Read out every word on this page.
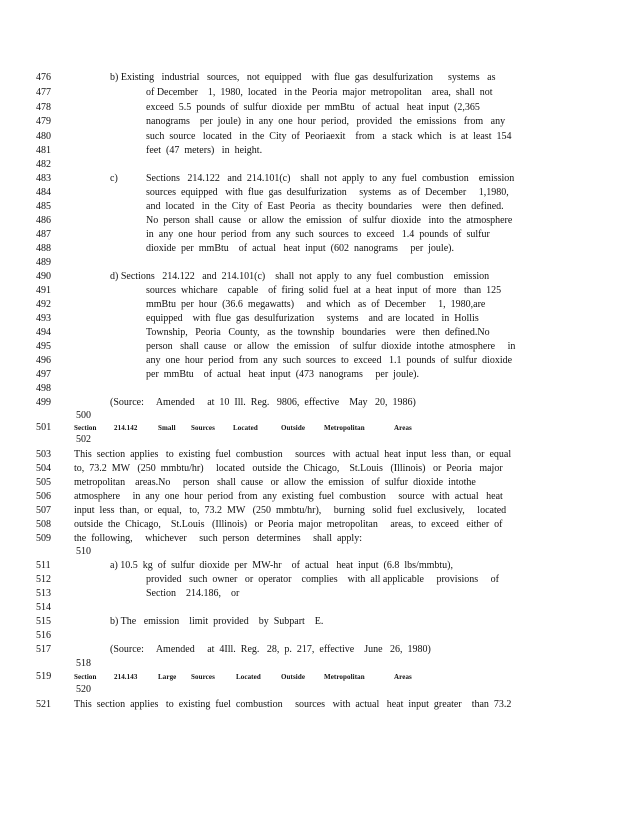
476	b) Existing   industrial   sources,   not  equipped    with  flue  gas  desulfurization      systems   as
477	of December    1,  1980,  located   in the  Peoria  major  metropolitan    area,  shall  not
478	exceed  5.5  pounds  of  sulfur  dioxide  per  mmBtu   of  actual   heat  input  (2,365
479	nanograms    per  joule)  in  any  one  hour  period,   provided   the  emissions   from   any
480	such  source   located   in  the  City  of  Peoriaexit    from   a  stack  which   is  at  least  154
481	feet  (47  meters)   in  height.
482
483	c)	Sections   214.122   and  214.101(c)    shall  not  apply  to  any  fuel  combustion    emission
484	sources  equipped   with  flue  gas  desulfurization     systems   as  of  December     1,1980,
485	and  located   in  the  City  of  East  Peoria   as  thecity  boundaries    were   then  defined.
486	No  person  shall  cause   or  allow  the  emission   of  sulfur  dioxide   into  the  atmosphere
487	in  any  one  hour  period  from  any  such  sources  to  exceed   1.4  pounds  of  sulfur
488	dioxide  per  mmBtu    of  actual   heat  input  (602  nanograms     per  joule).
489
490	d) Sections   214.122   and  214.101(c)    shall  not  apply  to  any  fuel  combustion    emission
491	sources  whichare    capable    of  firing  solid  fuel  at  a  heat  input  of  more   than  125
492	mmBtu  per  hour  (36.6  megawatts)     and  which   as  of  December     1,  1980,are
493	equipped    with  flue  gas  desulfurization     systems    and  are  located   in  Hollis
494	Township,   Peoria   County,   as  the  township   boundaries    were   then  defined.No
495	person   shall  cause   or  allow   the  emission    of  sulfur  dioxide  intothe  atmosphere     in
496	any  one  hour  period  from  any  such  sources  to  exceed   1.1  pounds  of  sulfur  dioxide
497	per  mmBtu    of  actual   heat  input  (473  nanograms     per  joule).
498
499	(Source:     Amended     at  10  Ill.  Reg.   9806,  effective    May   20,  1986)
500

501

	Section

	214.142

	Small

Sources

	Located

	Outside

	Metropolitan

	Areas

502
503	This  section  applies   to  existing  fuel  combustion     sources   with  actual  heat  input  less  than,  or  equal
504	to,  73.2  MW   (250  mmbtu/hr)     located   outside  the  Chicago,    St.Louis   (Illinois)   or  Peoria   major
505	metropolitan    areas.No     person   shall  cause   or  allow  the  emission   of  sulfur  dioxide  intothe
506	atmosphere     in  any  one  hour  period  from  any  existing  fuel  combustion     source   with  actual   heat
507	input  less  than,  or  equal,   to,  73.2  MW   (250  mmbtu/hr),     burning   solid  fuel  exclusively,     located
508	outside  the  Chicago,    St.Louis   (Illinois)   or  Peoria  major  metropolitan     areas,  to  exceed   either  of
509	the  following,     whichever     such  person   determines     shall  apply:
510
511	a) 10.5  kg  of  sulfur  dioxide  per  MW-hr    of  actual   heat  input  (6.8  lbs/mmbtu),
512	provided   such  owner   or  operator    complies    with  all applicable     provisions     of
513	Section    214.186,    or
514
515	b) The   emission    limit  provided    by  Subpart    E.
516
517	(Source:     Amended     at  4Ill.  Reg.   28,  p.  217,  effective    June   26,  1980)
518

519

	Section

	214.143

	Large

Sources

	Located

	Outside

	Metropolitan

	Areas

520
521	This  section  applies   to  existing  fuel  combustion     sources   with  actual   heat  input  greater    than  73.2
